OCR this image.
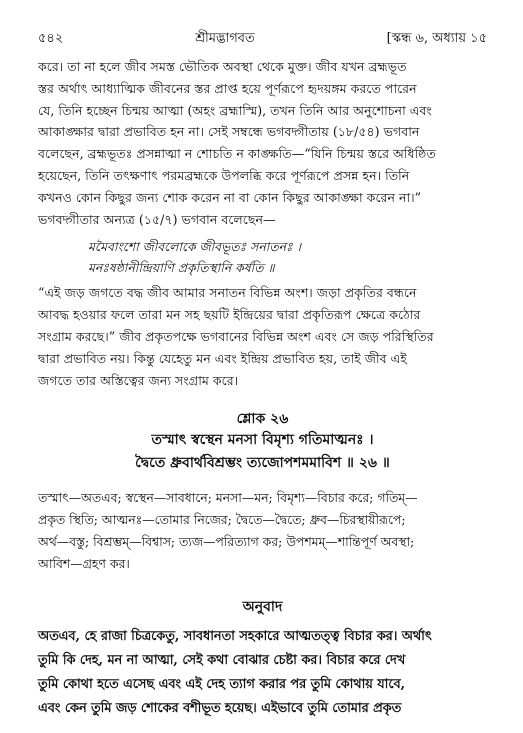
৫৪২	শ্রীমদ্ভাগবত	[স্কন্ধ ৬, অধ্যায় ১৫
করে। তা না হলে জীব সমস্ত ভৌতিক অবস্থা থেকে মুক্ত। জীব যখন ব্রহ্মভূত
স্তর অর্থাৎ আধ্যাত্মিক জীবনের স্তর প্রাপ্ত হয়ে পূর্ণরূপে হৃদয়ঙ্গম করতে পারেন
যে, তিনি হচ্ছেন চিন্ময় আত্মা (অহং ব্রহ্মাস্মি), তখন তিনি আর অনুশোচনা এবং
আকাঙ্ক্ষার দ্বারা প্রভাবিত হন না। সেই সম্বন্ধে ভগবদ্গীতায় (১৮/৫৪) ভগবান
বলেছেন, ব্রহ্মভূতঃ প্রসন্নাত্মা ন শোচতি ন কাঙ্ক্ষতি—“যিনি চিন্ময় স্তরে অধিষ্ঠিত
হয়েছেন, তিনি তৎক্ষণাৎ পরমব্রহ্মকে উপলব্ধি করে পূর্ণরূপে প্রসন্ন হন। তিনি
কখনও কোন কিছুর জন্য শোক করেন না বা কোন কিছুর আকাঙ্ক্ষা করেন না।”
ভগবদ্গীতার অন্যত্র (১৫/৭) ভগবান বলেছেন—
মমৈবাংশো জীবলোকে জীবভূতঃ সনাতনঃ ।
মনঃষষ্ঠানীন্দ্রিয়াণি প্রকৃতিস্থানি কর্ষতি ॥
“এই জড় জগতে বদ্ধ জীব আমার সনাতন বিভিন্ন অংশ। জড়া প্রকৃতির বন্ধনে
আবদ্ধ হওয়ার ফলে তারা মন সহ ছয়টি ইন্দ্রিয়ের দ্বারা প্রকৃতিরূপ ক্ষেত্রে কঠোর
সংগ্রাম করছে।” জীব প্রকৃতপক্ষে ভগবানের বিভিন্ন অংশ এবং সে জড় পরিস্থিতির
দ্বারা প্রভাবিত নয়। কিন্তু যেহেতু মন এবং ইন্দ্রিয় প্রভাবিত হয়, তাই জীব এই
জগতে তার অস্তিত্বের জন্য সংগ্রাম করে।
শ্লোক ২৬
তস্মাৎ স্বস্থেন মনসা বিমৃশ্য গতিমাত্মনঃ ।
দ্বৈতে ধ্রুবার্থবিশ্রম্ভং ত্যজোপশমমাবিশ ॥ ২৬ ॥
তস্মাৎ—অতএব; স্বস্থেন—সাবধানে; মনসা—মন; বিমৃশ্য—বিচার করে; গতিম্—
প্রকৃত স্থিতি; আত্মনঃ—তোমার নিজের; দ্বৈতে—দ্বৈতে; ধ্রুব—চিরস্থায়ীরূপে;
অর্থ—বস্তু; বিশ্রম্ভম্—বিশ্বাস; ত্যজ—পরিত্যাগ কর; উপশমম্—শান্তিপূর্ণ অবস্থা;
আবিশ—গ্রহণ কর।
অনুবাদ
অতএব, হে রাজা চিত্রকেতু, সাবধানতা সহকারে আত্মতত্ত্ব বিচার কর। অর্থাৎ
তুমি কি দেহ, মন না আত্মা, সেই কথা বোঝার চেষ্টা কর। বিচার করে দেখ
তুমি কোথা হতে এসেছ এবং এই দেহ ত্যাগ করার পর তুমি কোথায় যাবে,
এবং কেন তুমি জড় শোকের বশীভূত হয়েছ। এইভাবে তুমি তোমার প্রকৃত
